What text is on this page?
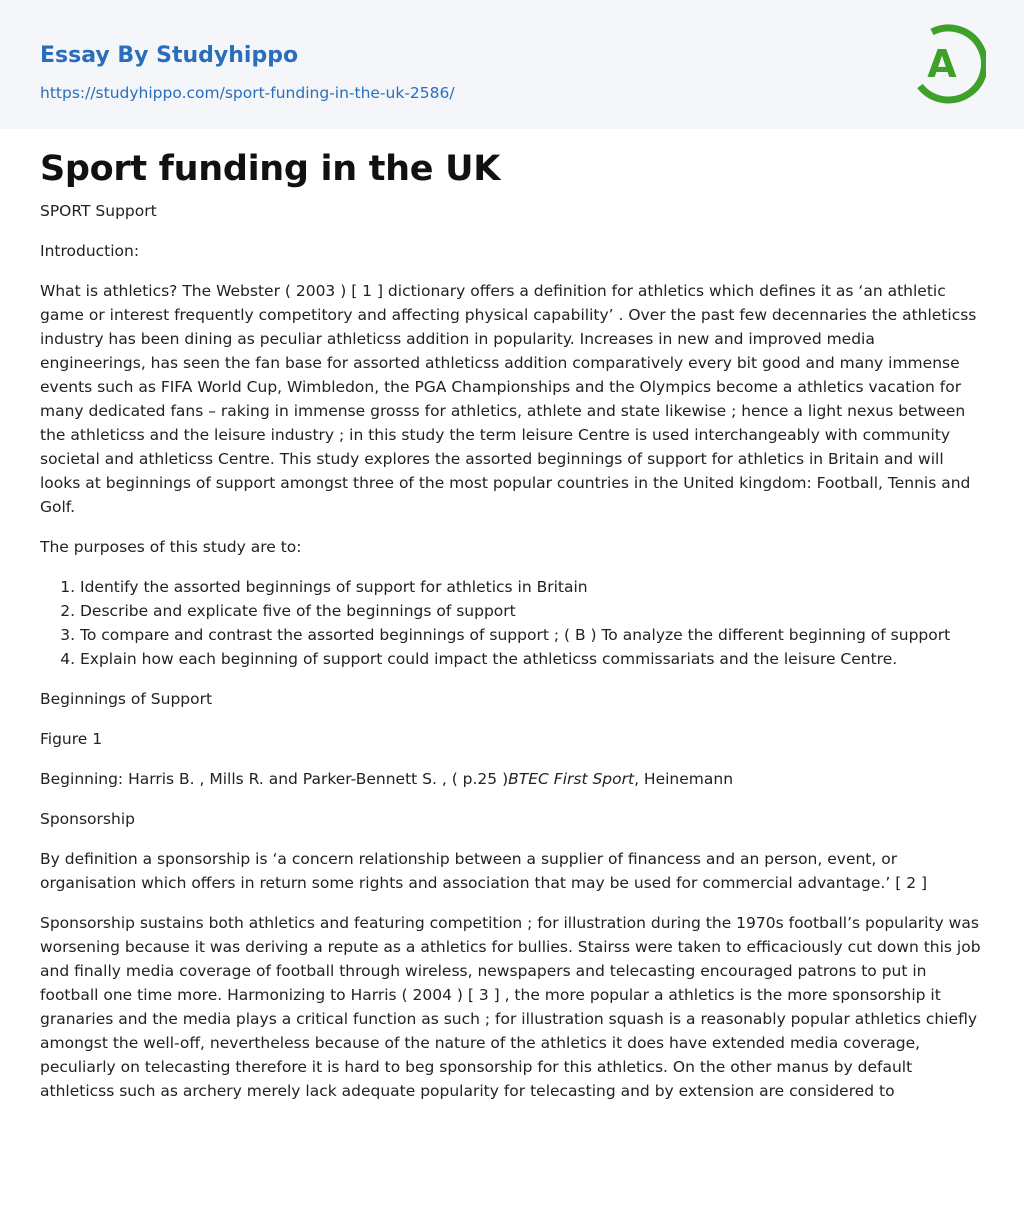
Essay By Studyhippo
https://studyhippo.com/sport-funding-in-the-uk-2586/
A
Sport funding in the UK

SPORT Support

Introduction:

What is athletics? The Webster ( 2003 ) [ 1 ] dictionary offers a definition for athletics which defines it as ‘an athletic game or interest frequently competitory and affecting physical capability’ . Over the past few decennaries the athleticss industry has been dining as peculiar athleticss addition in popularity. Increases in new and improved media engineerings, has seen the fan base for assorted athleticss addition comparatively every bit good and many immense events such as FIFA World Cup, Wimbledon, the PGA Championships and the Olympics become a athletics vacation for many dedicated fans – raking in immense grosss for athletics, athlete and state likewise ; hence a light nexus between the athleticss and the leisure industry ; in this study the term leisure Centre is used interchangeably with community societal and athleticss Centre. This study explores the assorted beginnings of support for athletics in Britain and will looks at beginnings of support amongst three of the most popular countries in the United kingdom: Football, Tennis and Golf.

The purposes of this study are to:

1. Identify the assorted beginnings of support for athletics in Britain
2. Describe and explicate five of the beginnings of support
3. To compare and contrast the assorted beginnings of support ; ( B ) To analyze the different beginning of support
4. Explain how each beginning of support could impact the athleticss commissariats and the leisure Centre.

Beginnings of Support

Figure 1

Beginning: Harris B. , Mills R. and Parker-Bennett S. , ( p.25 )BTEC First Sport, Heinemann

Sponsorship

By definition a sponsorship is ‘a concern relationship between a supplier of financess and an person, event, or organisation which offers in return some rights and association that may be used for commercial advantage.’ [ 2 ]

Sponsorship sustains both athletics and featuring competition ; for illustration during the 1970s football’s popularity was worsening because it was deriving a repute as a athletics for bullies. Stairss were taken to efficaciously cut down this job and finally media coverage of football through wireless, newspapers and telecasting encouraged patrons to put in football one time more. Harmonizing to Harris ( 2004 ) [ 3 ] , the more popular a athletics is the more sponsorship it granaries and the media plays a critical function as such ; for illustration squash is a reasonably popular athletics chiefly amongst the well-off, nevertheless because of the nature of the athletics it does have extended media coverage, peculiarly on telecasting therefore it is hard to beg sponsorship for this athletics. On the other manus by default athleticss such as archery merely lack adequate popularity for telecasting and by extension are considered to
